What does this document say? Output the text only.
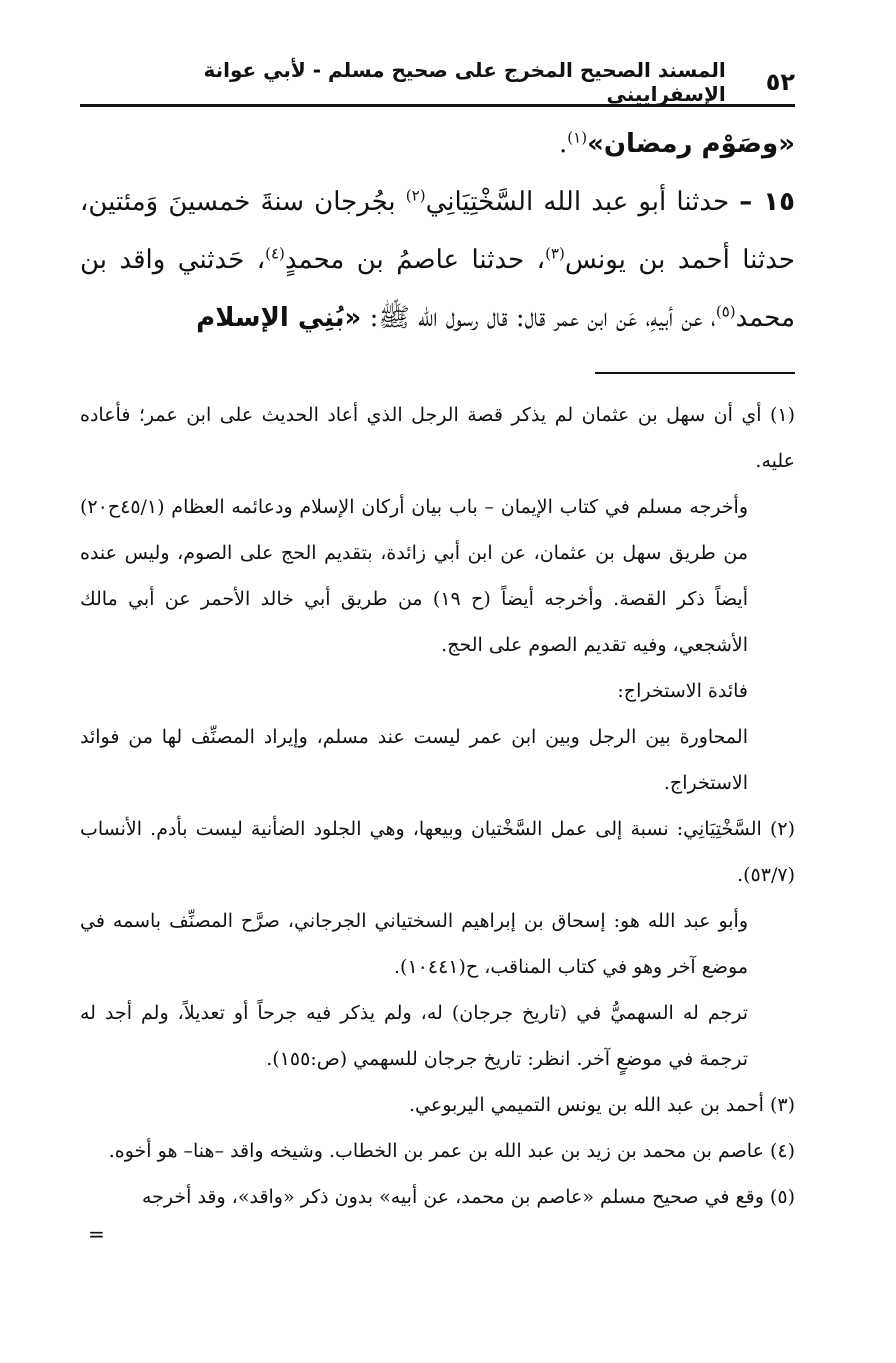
٥٢
المسند الصحيح المخرج على صحيح مسلم - لأبي عوانة الإسفراييني

«وصَوْم رمضان»$^{(١)}$.

١٥ – حدثنا أبو عبد الله السَّخْتِيَانِي$^{(٢)}$ بجُرجان سنةَ خمسينَ وَمئتين، حدثنا أحمد بن يونس$^{(٣)}$، حدثنا عاصمُ بن محمدٍ$^{(٤)}$، حَدثني واقد بن محمد$^{(٥)}$، عن أبيهِ، عَن ابن عمر قال: قال رسول الله ﷺ: «بُنِي الإسلام

(١) أي أن سهل بن عثمان لم يذكر قصة الرجل الذي أعاد الحديث على ابن عمر؛ فأعاده عليه.

وأخرجه مسلم في كتاب الإيمان – باب بيان أركان الإسلام ودعائمه العظام (٤٥/١ح٢٠) من طريق سهل بن عثمان، عن ابن أبي زائدة، بتقديم الحج على الصوم، وليس عنده أيضاً ذكر القصة. وأخرجه أيضاً (ح ١٩) من طريق أبي خالد الأحمر عن أبي مالك الأشجعي، وفيه تقديم الصوم على الحج.

فائدة الاستخراج:

المحاورة بين الرجل وبين ابن عمر ليست عند مسلم، وإيراد المصنِّف لها من فوائد الاستخراج.

(٢) السَّخْتِيَانِي: نسبة إلى عمل السَّخْتيان وبيعها، وهي الجلود الضأنية ليست بأدم. الأنساب (٥٣/٧).

وأبو عبد الله هو: إسحاق بن إبراهيم السختياني الجرجاني، صرَّح المصنِّف باسمه في موضع آخر وهو في كتاب المناقب، ح(١٠٤٤١).

ترجم له السهميُّ في (تاريخ جرجان) له، ولم يذكر فيه جرحاً أو تعديلاً، ولم أجد له ترجمة في موضعٍ آخر. انظر: تاريخ جرجان للسهمي (ص:١٥٥).

(٣) أحمد بن عبد الله بن يونس التميمي اليربوعي.

(٤) عاصم بن محمد بن زيد بن عبد الله بن عمر بن الخطاب. وشيخه واقد –هنا– هو أخوه.

(٥) وقع في صحيح مسلم «عاصم بن محمد، عن أبيه» بدون ذكر «واقد»، وقد أخرجه

=
